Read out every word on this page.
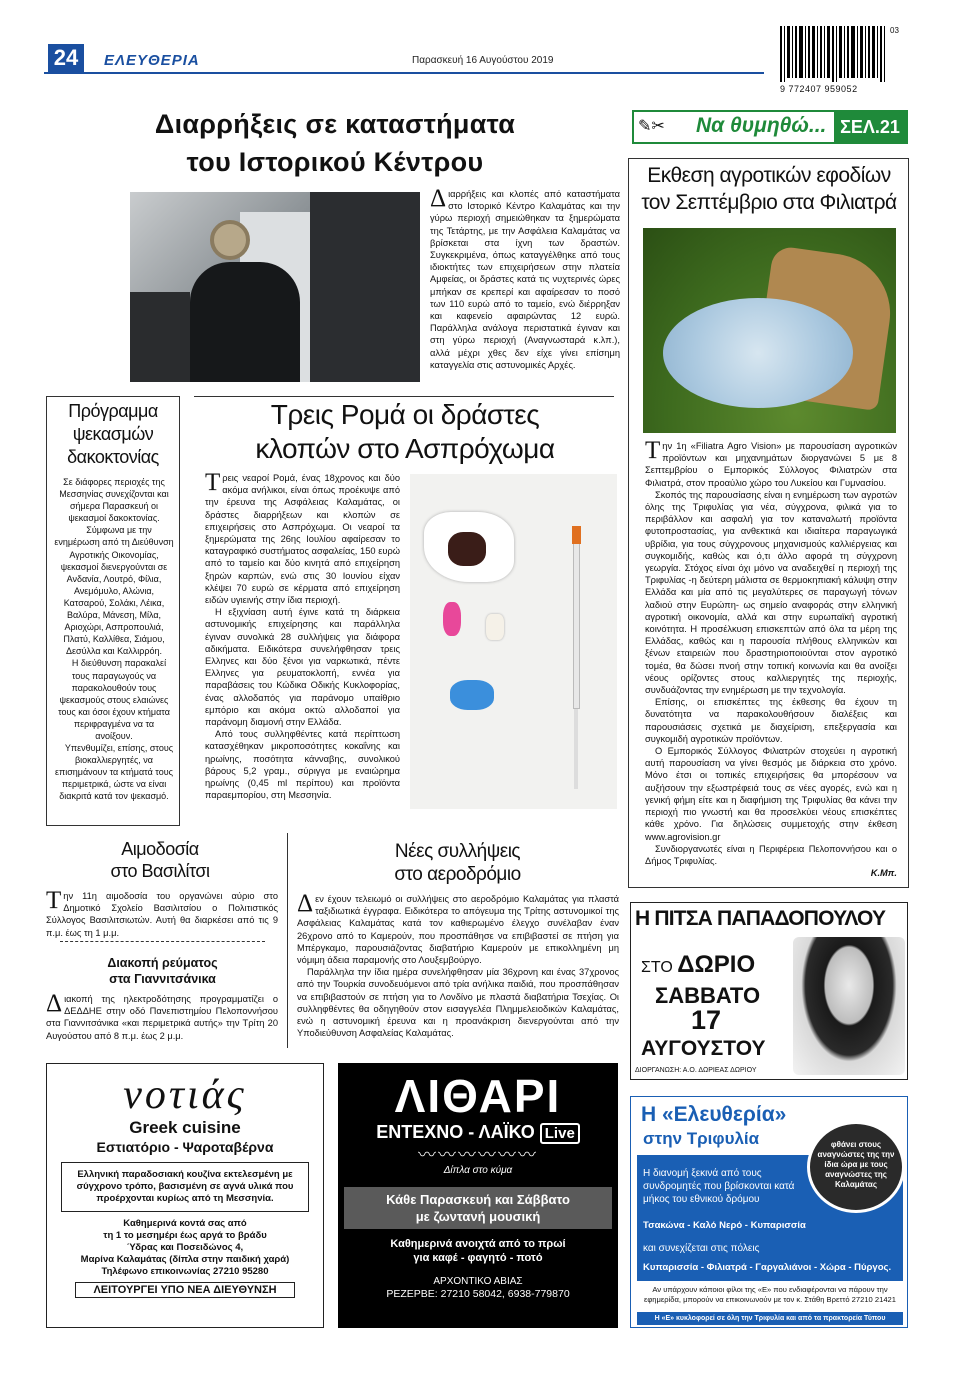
24	ΕΛΕΥΘΕΡΙΑ	Παρασκευή 16 Αυγούστου 2019
03
9 772407 959052
Διαρρήξεις σε καταστήματα
του Ιστορικού Κέντρου

Διαρρήξεις και κλοπές από καταστήματα στο Ιστορικό Κέντρο Καλαμάτας και την γύρω περιοχή σημειώθηκαν τα ξημερώματα της Τετάρτης, με την Ασφάλεια Καλαμάτας να βρίσκεται στα ίχνη των δραστών. Συγκεκριμένα, όπως καταγγέλθηκε από τους ιδιοκτήτες των επιχειρήσεων στην πλατεία Αμφείας, οι δράστες κατά τις νυχτερινές ώρες μπήκαν σε κρεπερί και αφαίρεσαν το ποσό των 110 ευρώ από το ταμείο, ενώ διέρρηξαν και καφενείο αφαιρώντας 12 ευρώ. Παράλληλα ανάλογα περιστατικά έγιναν και στη γύρω περιοχή (Αναγνωσταρά κ.λπ.), αλλά μέχρι χθες δεν είχε γίνει επίσημη καταγγελία στις αστυνομικές Αρχές.

✎✂	Να θυμηθώ... ΣΕΛ.21
Εκθεση αγροτικών εφοδίων
τον Σεπτέμβριο στα Φιλιατρά

Την 1η «Filiatra Agro Vision» με παρουσίαση αγροτικών προϊόντων και μηχανημάτων διοργανώνει 5 με 8 Σεπτεμβρίου ο Εμπορικός Σύλλογος Φιλιατρών στα Φιλιατρά, στον προαύλιο χώρο του Λυκείου και Γυμνασίου.

Σκοπός της παρουσίασης είναι η ενημέρωση των αγροτών όλης της Τριφυλίας για νέα, σύγχρονα, φιλικά για το περιβάλλον και ασφαλή για τον καταναλωτή προϊόντα φυτοπροστασίας, για ανθεκτικά και ιδιαίτερα παραγωγικά υβρίδια, για τους σύγχρονους μηχανισμούς καλλιέργειας και συγκομιδής, καθώς και ό,τι άλλο αφορά τη σύγχρονη γεωργία. Στόχος είναι όχι μόνο να αναδειχθεί η περιοχή της Τριφυλίας -η δεύτερη μάλιστα σε θερμοκηπιακή κάλυψη στην Ελλάδα και μία από τις μεγαλύτερες σε παραγωγή τόνων λαδιού στην Ευρώπη- ως σημείο αναφοράς στην ελληνική αγροτική οικονομία, αλλά και στην ευρωπαϊκή αγροτική κοινότητα. Η προσέλκυση επισκεπτών από όλα τα μέρη της Ελλάδας, καθώς και η παρουσία πλήθους ελληνικών και ξένων εταιρειών που δραστηριοποιούνται στον αγροτικό τομέα, θα δώσει πνοή στην τοπική κοινωνία και θα ανοίξει νέους ορίζοντες στους καλλιεργητές της περιοχής, συνδυάζοντας την ενημέρωση με την τεχνολογία.

Επίσης, οι επισκέπτες της έκθεσης θα έχουν τη δυνατότητα να παρακολουθήσουν διαλέξεις και παρουσιάσεις σχετικά με διαχείριση, επεξεργασία και συγκομιδή αγροτικών προϊόντων.

Ο Εμπορικός Σύλλογος Φιλιατρών στοχεύει η αγροτική αυτή παρουσίαση να γίνει θεσμός με διάρκεια στο χρόνο. Μόνο έτσι οι τοπικές επιχειρήσεις θα μπορέσουν να αυξήσουν την εξωστρέφειά τους σε νέες αγορές, ενώ και η γενική φήμη είτε και η διαφήμιση της Τριφυλίας θα κάνει την περιοχή πιο γνωστή και θα προσελκύει νέους επισκέπτες κάθε χρόνο. Για δηλώσεις συμμετοχής στην έκθεση www.agrovision.gr

Συνδιοργανωτές είναι η Περιφέρεια Πελοποννήσου και ο Δήμος Τριφυλίας.

Κ.Μπ.
Πρόγραμμα
ψεκασμών
δακοκτονίας

Σε διάφορες περιοχές της Μεσσηνίας συνεχίζονται και σήμερα Παρασκευή οι ψεκασμοί δακοκτονίας.

Σύμφωνα με την ενημέρωση από τη Διεύθυνση Αγροτικής Οικονομίας, ψεκασμοί διενεργούνται σε Ανδανία, Λουτρό, Φίλια, Ανεμόμυλο, Αλώνια, Κατσαρού, Σολάκι, Λέικα, Βαλύρα, Μάνεση, Μίλα, Αριοχώρι, Ασπροπουλιά, Πλατύ, Καλλίθεα, Σιάμου, Δεσύλλα και Καλλιρρόη.

Η διεύθυνση παρακαλεί τους παραγωγούς να παρακολουθούν τους ψεκασμούς στους ελαιώνες τους και όσοι έχουν κτήματα περιφραγμένα να τα ανοίξουν.

Υπενθυμίζει, επίσης, στους βιοκαλλιεργητές, να επισημάνουν τα κτήματά τους περιμετρικά, ώστε να είναι διακριτά κατά τον ψεκασμό.

Τρεις Ρομά οι δράστες
κλοπών στο Ασπρόχωμα

Τρεις νεαροί Ρομά, ένας 18χρονος και δύο ακόμα ανήλικοι, είναι όπως προέκυψε από την έρευνα της Ασφάλειας Καλαμάτας, οι δράστες διαρρήξεων και κλοπών σε επιχειρήσεις στο Ασπρόχωμα. Οι νεαροί τα ξημερώματα της 26ης Ιουλίου αφαίρεσαν το καταγραφικό συστήματος ασφαλείας, 150 ευρώ από το ταμείο και δύο κινητά από επιχείρηση ξηρών καρπών, ενώ στις 30 Ιουνίου είχαν κλέψει 70 ευρώ σε κέρματα από επιχείρηση ειδών υγιεινής στην ίδια περιοχή.

Η εξιχνίαση αυτή έγινε κατά τη διάρκεια αστυνομικής επιχείρησης και παράλληλα έγιναν συνολικά 28 συλλήψεις για διάφορα αδικήματα. Ειδικότερα συνελήφθησαν τρεις Ελληνες και δύο ξένοι για ναρκωτικά, πέντε Ελληνες για ρευματοκλοπή, εννέα για παραβάσεις του Κώδικα Οδικής Κυκλοφορίας, ένας αλλοδαπός για παράνομο υπαίθριο εμπόριο και ακόμα οκτώ αλλοδαποί για παράνομη διαμονή στην Ελλάδα.

Από τους συλληφθέντες κατά περίπτωση κατασχέθηκαν μικροποσότητες κοκαΐνης και ηρωίνης, ποσότητα κάνναβης, συνολικού βάρους 5,2 γραμ., σύριγγα με εναιώρημα ηρωίνης (0,45 ml περίπου) και προϊόντα παραεμπορίου, στη Μεσσηνία.

Αιμοδοσία
στο Βασιλίτσι

Την 11η αιμοδοσία του οργανώνει αύριο στο Δημοτικό Σχολείο Βασιλιτσίου ο Πολιτιστικός Σύλλογος Βασιλιτσιωτών. Αυτή θα διαρκέσει από τις 9 π.μ. έως τη 1 μ.μ.

Διακοπή ρεύματος
στα Γιαννιτσάνικα

Διακοπή της ηλεκτροδότησης προγραμματίζει ο ΔΕΔΔΗΕ στην οδό Πανεπιστημίου Πελοποννήσου στα Γιαννιτσάνικα «και περιμετρικά αυτής» την Τρίτη 20 Αυγούστου από 8 π.μ. έως 2 μ.μ.

Νέες συλλήψεις
στο αεροδρόμιο

Δεν έχουν τελειωμό οι συλλήψεις στο αεροδρόμιο Καλαμάτας για πλαστά ταξιδιωτικά έγγραφα. Ειδικότερα το απόγευμα της Τρίτης αστυνομικοί της Ασφάλειας Καλαμάτας κατά τον καθιερωμένο έλεγχο συνέλαβαν έναν 26χρονο από το Καμερούν, που προσπάθησε να επιβιβαστεί σε πτήση για Μπέργκαμο, παρουσιάζοντας διαβατήριο Καμερούν με επικολλημένη μη νόμιμη άδεια παραμονής στο Λουξεμβούργο.

Παράλληλα την ίδια ημέρα συνελήφθησαν μία 36χρονη και ένας 37χρονος από την Τουρκία συνοδευόμενοι από τρία ανήλικα παιδιά, που προσπάθησαν να επιβιβαστούν σε πτήση για το Λονδίνο με πλαστά διαβατήρια Τσεχίας. Οι συλληφθέντες θα οδηγηθούν στον εισαγγελέα Πλημμελειοδικών Καλαμάτας, ενώ η αστυνομική έρευνα και η προανάκριση διενεργούνται από την Υποδιεύθυνση Ασφαλείας Καλαμάτας.

Η ΠΙΤΣΑ ΠΑΠΑΔΟΠΟΥΛΟΥ
ΣΤΟ ΔΩΡΙΟ
ΣΑΒΒΑΤΟ
17
ΑΥΓΟΥΣΤΟΥ
ΔΙΟΡΓΑΝΩΣΗ: Α.Ο. ΔΩΡΙΕΑΣ ΔΩΡΙΟΥ
νοτιάς
Greek cuisine
Εστιατόριο - Ψαροταβέρνα
Ελληνική παραδοσιακή κουζίνα εκτελεσμένη με σύγχρονο τρόπο, βασισμένη σε αγνά υλικά που προέρχονται κυρίως από τη Μεσσηνία.
Καθημερινά κοντά σας από
τη 1 το μεσημέρι έως αργά το βράδυ
Ύδρας και Ποσειδώνος 4,
Μαρίνα Καλαμάτας (δίπλα στην παιδική χαρά)
Τηλέφωνο επικοινωνίας 27210 95280
ΛΕΙΤΟΥΡΓΕΙ ΥΠΟ ΝΕΑ ΔΙΕΥΘΥΝΣΗ
ΛΙΘΑΡΙ
ΕΝΤΕΧΝΟ - ΛΑΪΚΟ Live
〰〰〰〰〰〰
Δίπλα στο κύμα
Κάθε Παρασκευή και Σάββατο
με ζωντανή μουσική
Καθημερινά ανοιχτά από το πρωί
για καφέ - φαγητό - ποτό
ΑΡΧΟΝΤΙΚΟ ΑΒΙΑΣ
ΡΕΖΕΡΒΕ: 27210 58042, 6938-779870
Η «Ελευθερία»
στην Τριφυλία	φθάνει στους αναγνώστες της την ίδια ώρα με τους αναγνώστες της Καλαμάτας
Η διανομή ξεκινά από τους συνδρομητές που βρίσκονται κατά μήκος του εθνικού δρόμου
Τσακώνα - Καλό Νερό - Κυπαρισσία
και συνεχίζεται στις πόλεις
Κυπαρισσία - Φιλιατρά - Γαργαλιάνοι - Χώρα - Πύργος.
Αν υπάρχουν κάποιοι φίλοι της «Ε» που ενδιαφέρονται να πάρουν την εφημερίδα, μπορούν να επικοινωνούν με τον κ. Στάθη Βρεττό 27210 21421
Η «Ε» κυκλοφορεί σε όλη την Τριφυλία και από τα πρακτορεία Τύπου
